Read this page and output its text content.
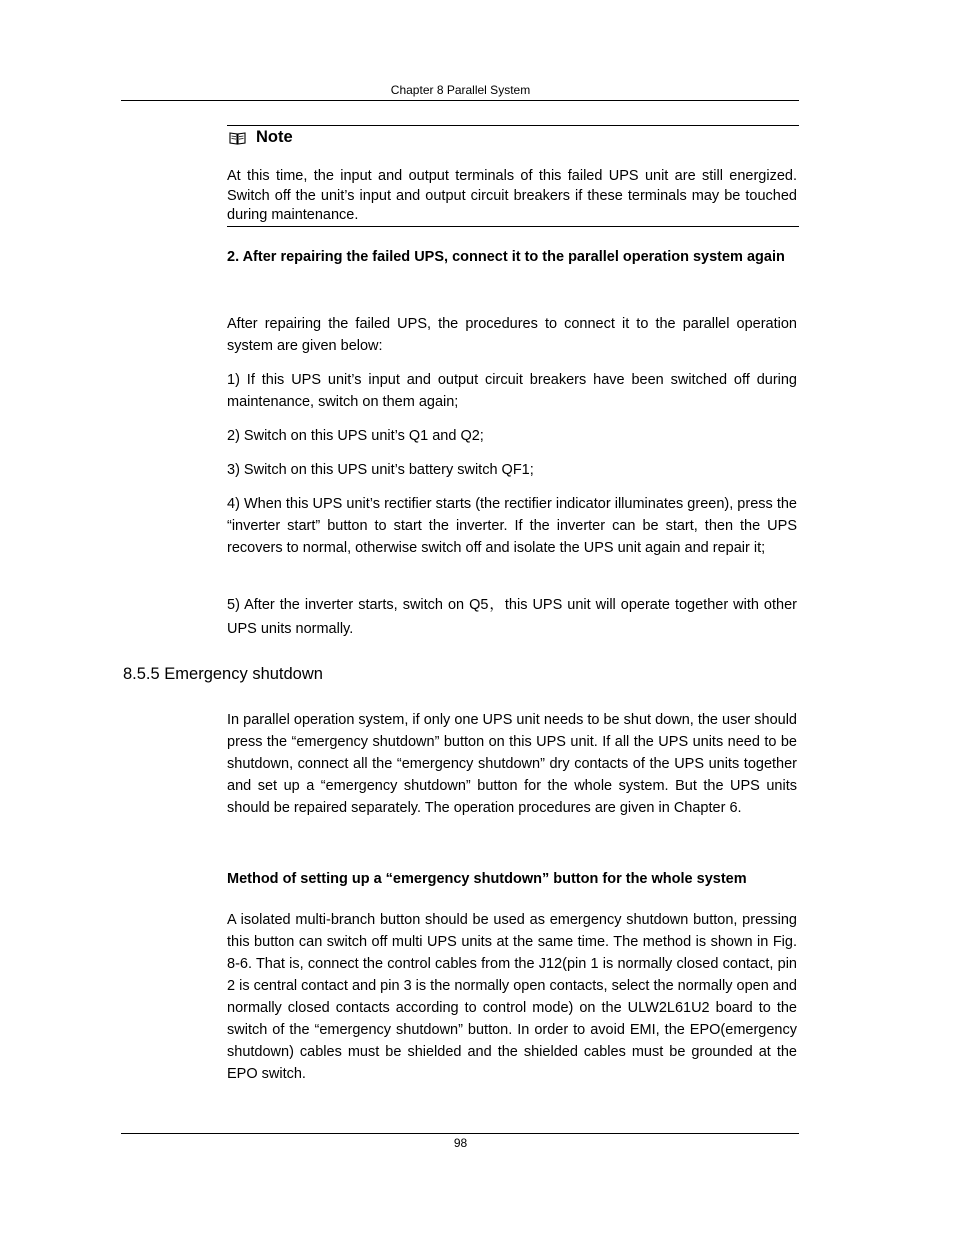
Chapter 8 Parallel System
Note

At this time, the input and output terminals of this failed UPS unit are still energized. Switch off the unit’s input and output circuit breakers if these terminals may be touched during maintenance.

2. After repairing the failed UPS, connect it to the parallel operation system again

After repairing the failed UPS, the procedures to connect it to the parallel operation system are given below:

1) If this UPS unit’s input and output circuit breakers have been switched off during maintenance, switch on them again;

2) Switch on this UPS unit’s Q1 and Q2;

3) Switch on this UPS unit’s battery switch QF1;

4) When this UPS unit’s rectifier starts (the rectifier indicator illuminates green), press the “inverter start” button to start the inverter. If the inverter can be start, then the UPS recovers to normal, otherwise switch off and isolate the UPS unit again and repair it;

5) After the inverter starts, switch on Q5，this UPS unit will operate together with other UPS units normally.

8.5.5 Emergency shutdown

In parallel operation system, if only one UPS unit needs to be shut down, the user should press the “emergency shutdown” button on this UPS unit. If all the UPS units need to be shutdown, connect all the “emergency shutdown” dry contacts of the UPS units together and set up a “emergency shutdown” button for the whole system. But the UPS units should be repaired separately. The operation procedures are given in Chapter 6.

Method of setting up a “emergency shutdown” button for the whole system

A isolated multi-branch button should be used as emergency shutdown button, pressing this button can switch off multi UPS units at the same time. The method is shown in Fig. 8-6. That is, connect the control cables from the J12(pin 1 is normally closed contact, pin 2 is central contact and pin 3 is the normally open contacts, select the normally open and normally closed contacts according to control mode) on the ULW2L61U2 board to the switch of the “emergency shutdown” button. In order to avoid EMI, the EPO(emergency shutdown) cables must be shielded and the shielded cables must be grounded at the EPO switch.

98
